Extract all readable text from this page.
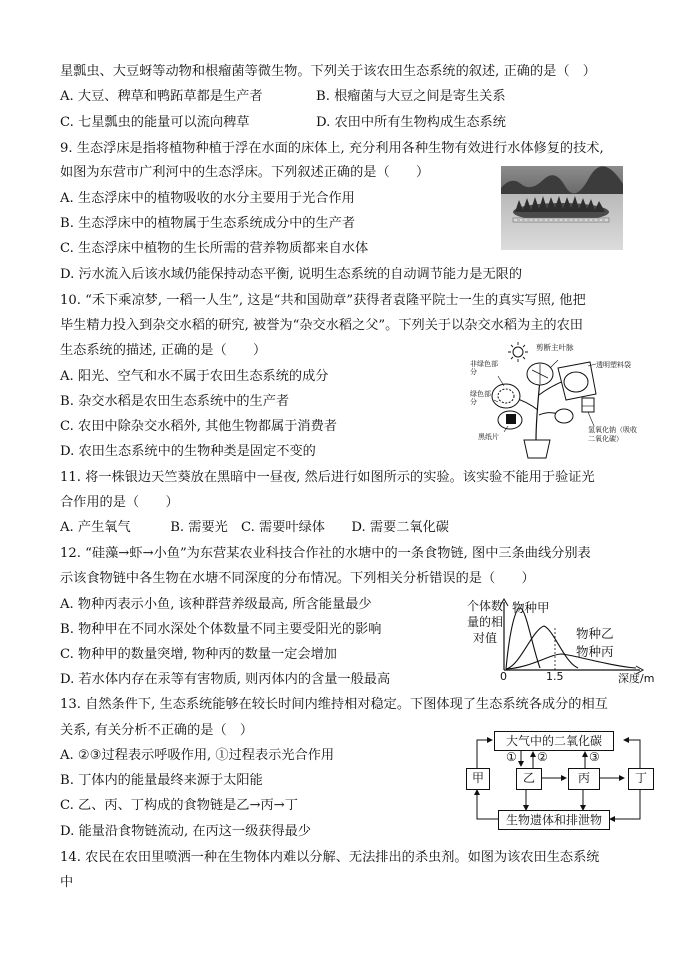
星瓢虫、大豆蚜等动物和根瘤菌等微生物。下列关于该农田生态系统的叙述, 正确的是（　）
A. 大豆、稗草和鸭跖草都是生产者	B. 根瘤菌与大豆之间是寄生关系
C. 七星瓢虫的能量可以流向稗草	D. 农田中所有生物构成生态系统
9. 生态浮床是指将植物种植于浮在水面的床体上, 充分利用各种生物有效进行水体修复的技术,
如图为东营市广利河中的生态浮床。下列叙述正确的是（　　）
A. 生态浮床中的植物吸收的水分主要用于光合作用
B. 生态浮床中的植物属于生态系统成分中的生产者
C. 生态浮床中植物的生长所需的营养物质都来自水体
D. 污水流入后该水域仍能保持动态平衡, 说明生态系统的自动调节能力是无限的
10. “禾下乘凉梦, 一稻一人生”, 这是“共和国勋章”获得者袁隆平院士一生的真实写照, 他把
毕生精力投入到杂交水稻的研究, 被誉为“杂交水稻之父”。下列关于以杂交水稻为主的农田
生态系统的描述, 正确的是（　　）
A. 阳光、空气和水不属于农田生态系统的成分
B. 杂交水稻是农田生态系统中的生产者
C. 农田中除杂交水稻外, 其他生物都属于消费者
D. 农田生态系统中的生物种类是固定不变的
剪断主叶脉
非绿色部分
绿色部分
透明塑料袋
黑纸片
氢氧化钠（吸收二氧化碳）
11. 将一株银边天竺葵放在黑暗中一昼夜, 然后进行如图所示的实验。该实验不能用于验证光
合作用的是（　　）
A. 产生氧气　　　B. 需要光　C. 需要叶绿体　　D. 需要二氧化碳
12. “硅藻→虾→小鱼”为东营某农业科技合作社的水塘中的一条食物链, 图中三条曲线分别表
示该食物链中各生物在水塘不同深度的分布情况。下列相关分析错误的是（　　）
A. 物种丙表示小鱼, 该种群营养级最高, 所含能量最少
B. 物种甲在不同水深处个体数量不同主要受阳光的影响
C. 物种甲的数量突增, 物种丙的数量一定会增加
D. 若水体内存在汞等有害物质, 则丙体内的含量一般最高
个体数量的相对值
物种甲
物种乙
物种丙
0	1.5	深度/m
13. 自然条件下, 生态系统能够在较长时间内维持相对稳定。下图体现了生态系统各成分的相互
关系, 有关分析不正确的是（　）
A. ②③过程表示呼吸作用, ①过程表示光合作用
B. 丁体内的能量最终来源于太阳能
C. 乙、丙、丁构成的食物链是乙→丙→丁
D. 能量沿食物链流动, 在丙这一级获得最少
大气中的二氧化碳
① ②	③
甲	乙	丙	丁
生物遗体和排泄物
14. 农民在农田里喷洒一种在生物体内难以分解、无法排出的杀虫剂。如图为该农田生态系统
中
